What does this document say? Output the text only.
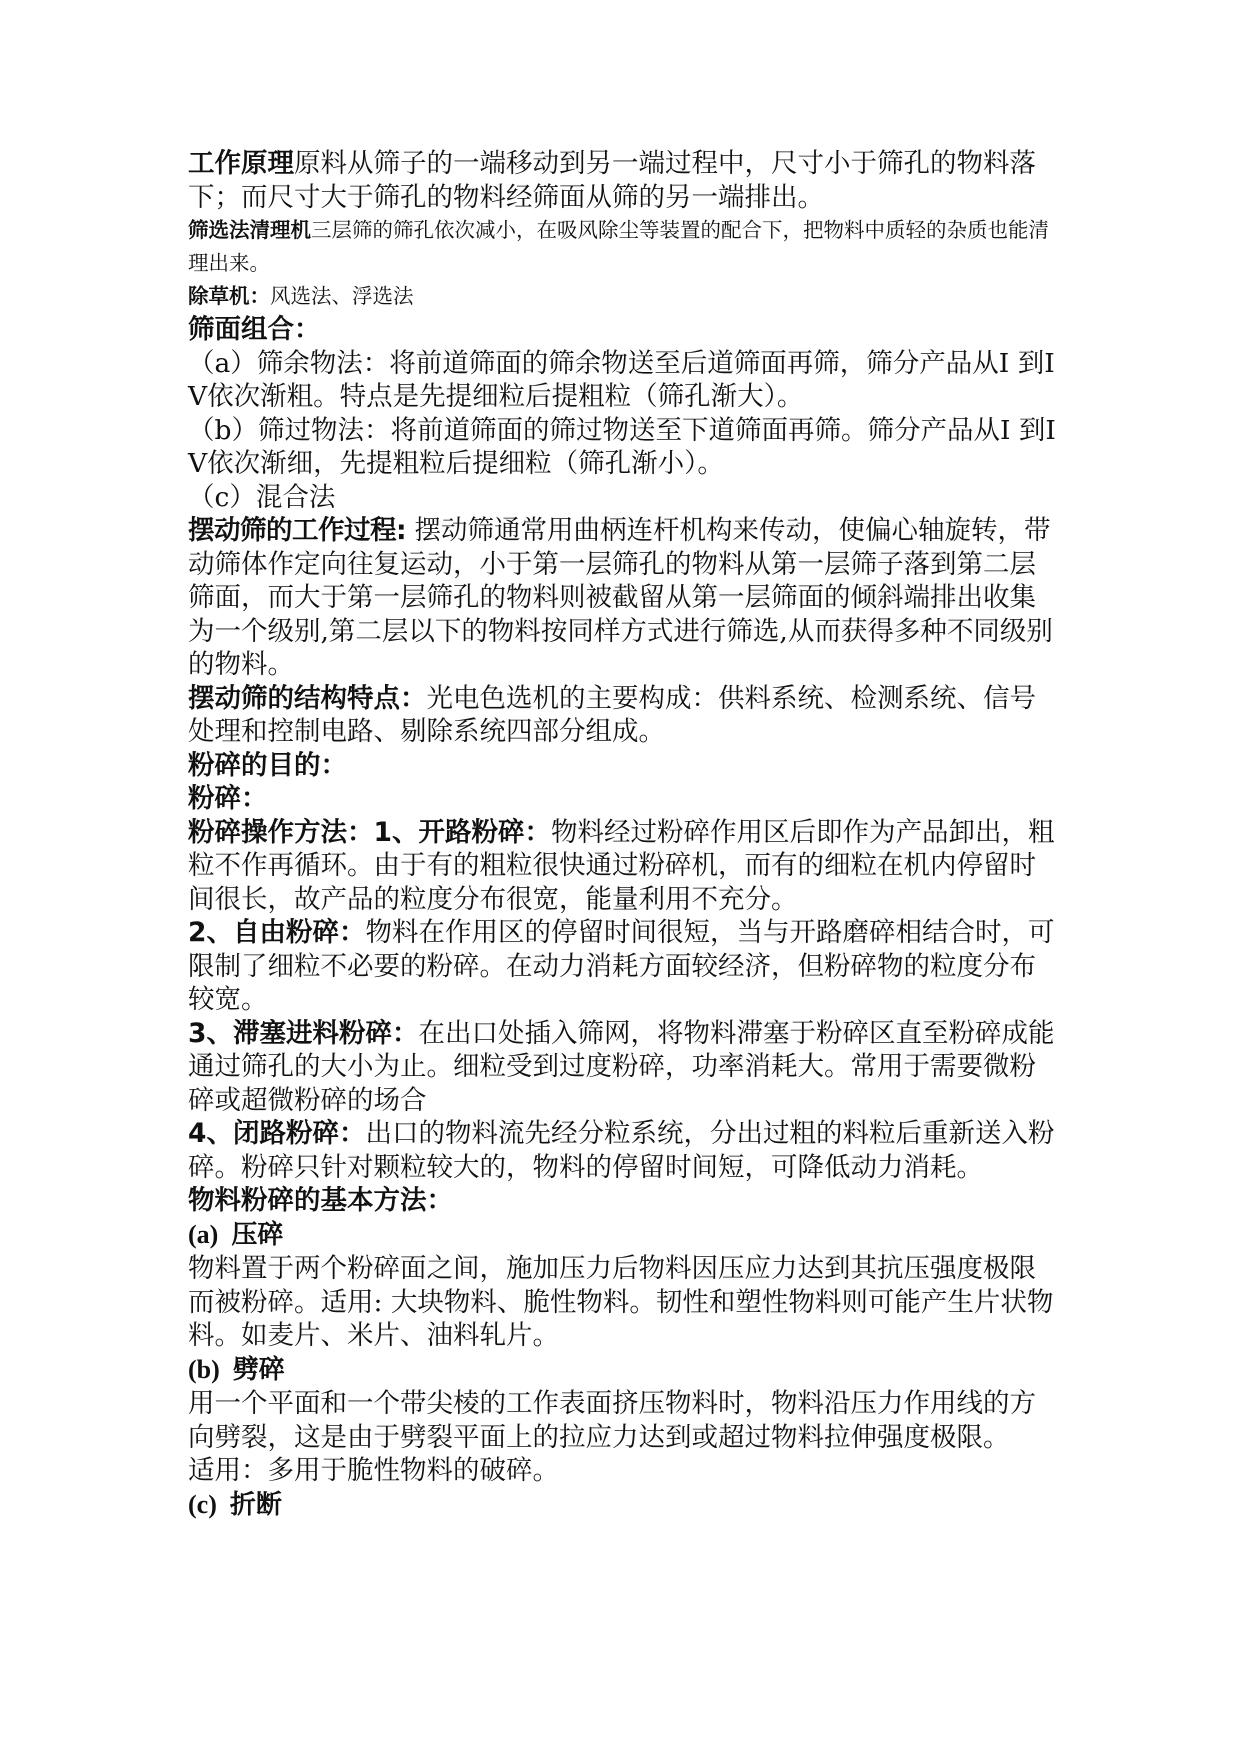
工作原理原料从筛子的一端移动到另一端过程中，尺寸小于筛孔的物料落下；而尺寸大于筛孔的物料经筛面从筛的另一端排出。

筛选法清理机三层筛的筛孔依次减小，在吸风除尘等装置的配合下，把物料中质轻的杂质也能清理出来。

除草机：风选法、浮选法

筛面组合：

（a）筛余物法：将前道筛面的筛余物送至后道筛面再筛，筛分产品从I 到IV依次渐粗。特点是先提细粒后提粗粒（筛孔渐大）。

（b）筛过物法：将前道筛面的筛过物送至下道筛面再筛。筛分产品从I 到IV依次渐细，先提粗粒后提细粒（筛孔渐小）。

（c）混合法

摆动筛的工作过程: 摆动筛通常用曲柄连杆机构来传动，使偏心轴旋转，带动筛体作定向往复运动，小于第一层筛孔的物料从第一层筛子落到第二层筛面，而大于第一层筛孔的物料则被截留从第一层筛面的倾斜端排出收集为一个级别,第二层以下的物料按同样方式进行筛选,从而获得多种不同级别的物料。

摆动筛的结构特点：光电色选机的主要构成：供料系统、检测系统、信号处理和控制电路、剔除系统四部分组成。

粉碎的目的：

粉碎：

粉碎操作方法：1、开路粉碎：物料经过粉碎作用区后即作为产品卸出，粗粒不作再循环。由于有的粗粒很快通过粉碎机，而有的细粒在机内停留时间很长，故产品的粒度分布很宽，能量利用不充分。

2、自由粉碎：物料在作用区的停留时间很短，当与开路磨碎相结合时，可限制了细粒不必要的粉碎。在动力消耗方面较经济，但粉碎物的粒度分布较宽。

3、滞塞进料粉碎：在出口处插入筛网，将物料滞塞于粉碎区直至粉碎成能通过筛孔的大小为止。细粒受到过度粉碎，功率消耗大。常用于需要微粉碎或超微粉碎的场合

4、闭路粉碎：出口的物料流先经分粒系统，分出过粗的料粒后重新送入粉碎。粉碎只针对颗粒较大的，物料的停留时间短，可降低动力消耗。

物料粉碎的基本方法：

(a) 压碎

物料置于两个粉碎面之间，施加压力后物料因压应力达到其抗压强度极限而被粉碎。适用: 大块物料、脆性物料。韧性和塑性物料则可能产生片状物料。如麦片、米片、油料轧片。

(b) 劈碎

用一个平面和一个带尖棱的工作表面挤压物料时，物料沿压力作用线的方向劈裂，这是由于劈裂平面上的拉应力达到或超过物料拉伸强度极限。

适用：多用于脆性物料的破碎。

(c) 折断
